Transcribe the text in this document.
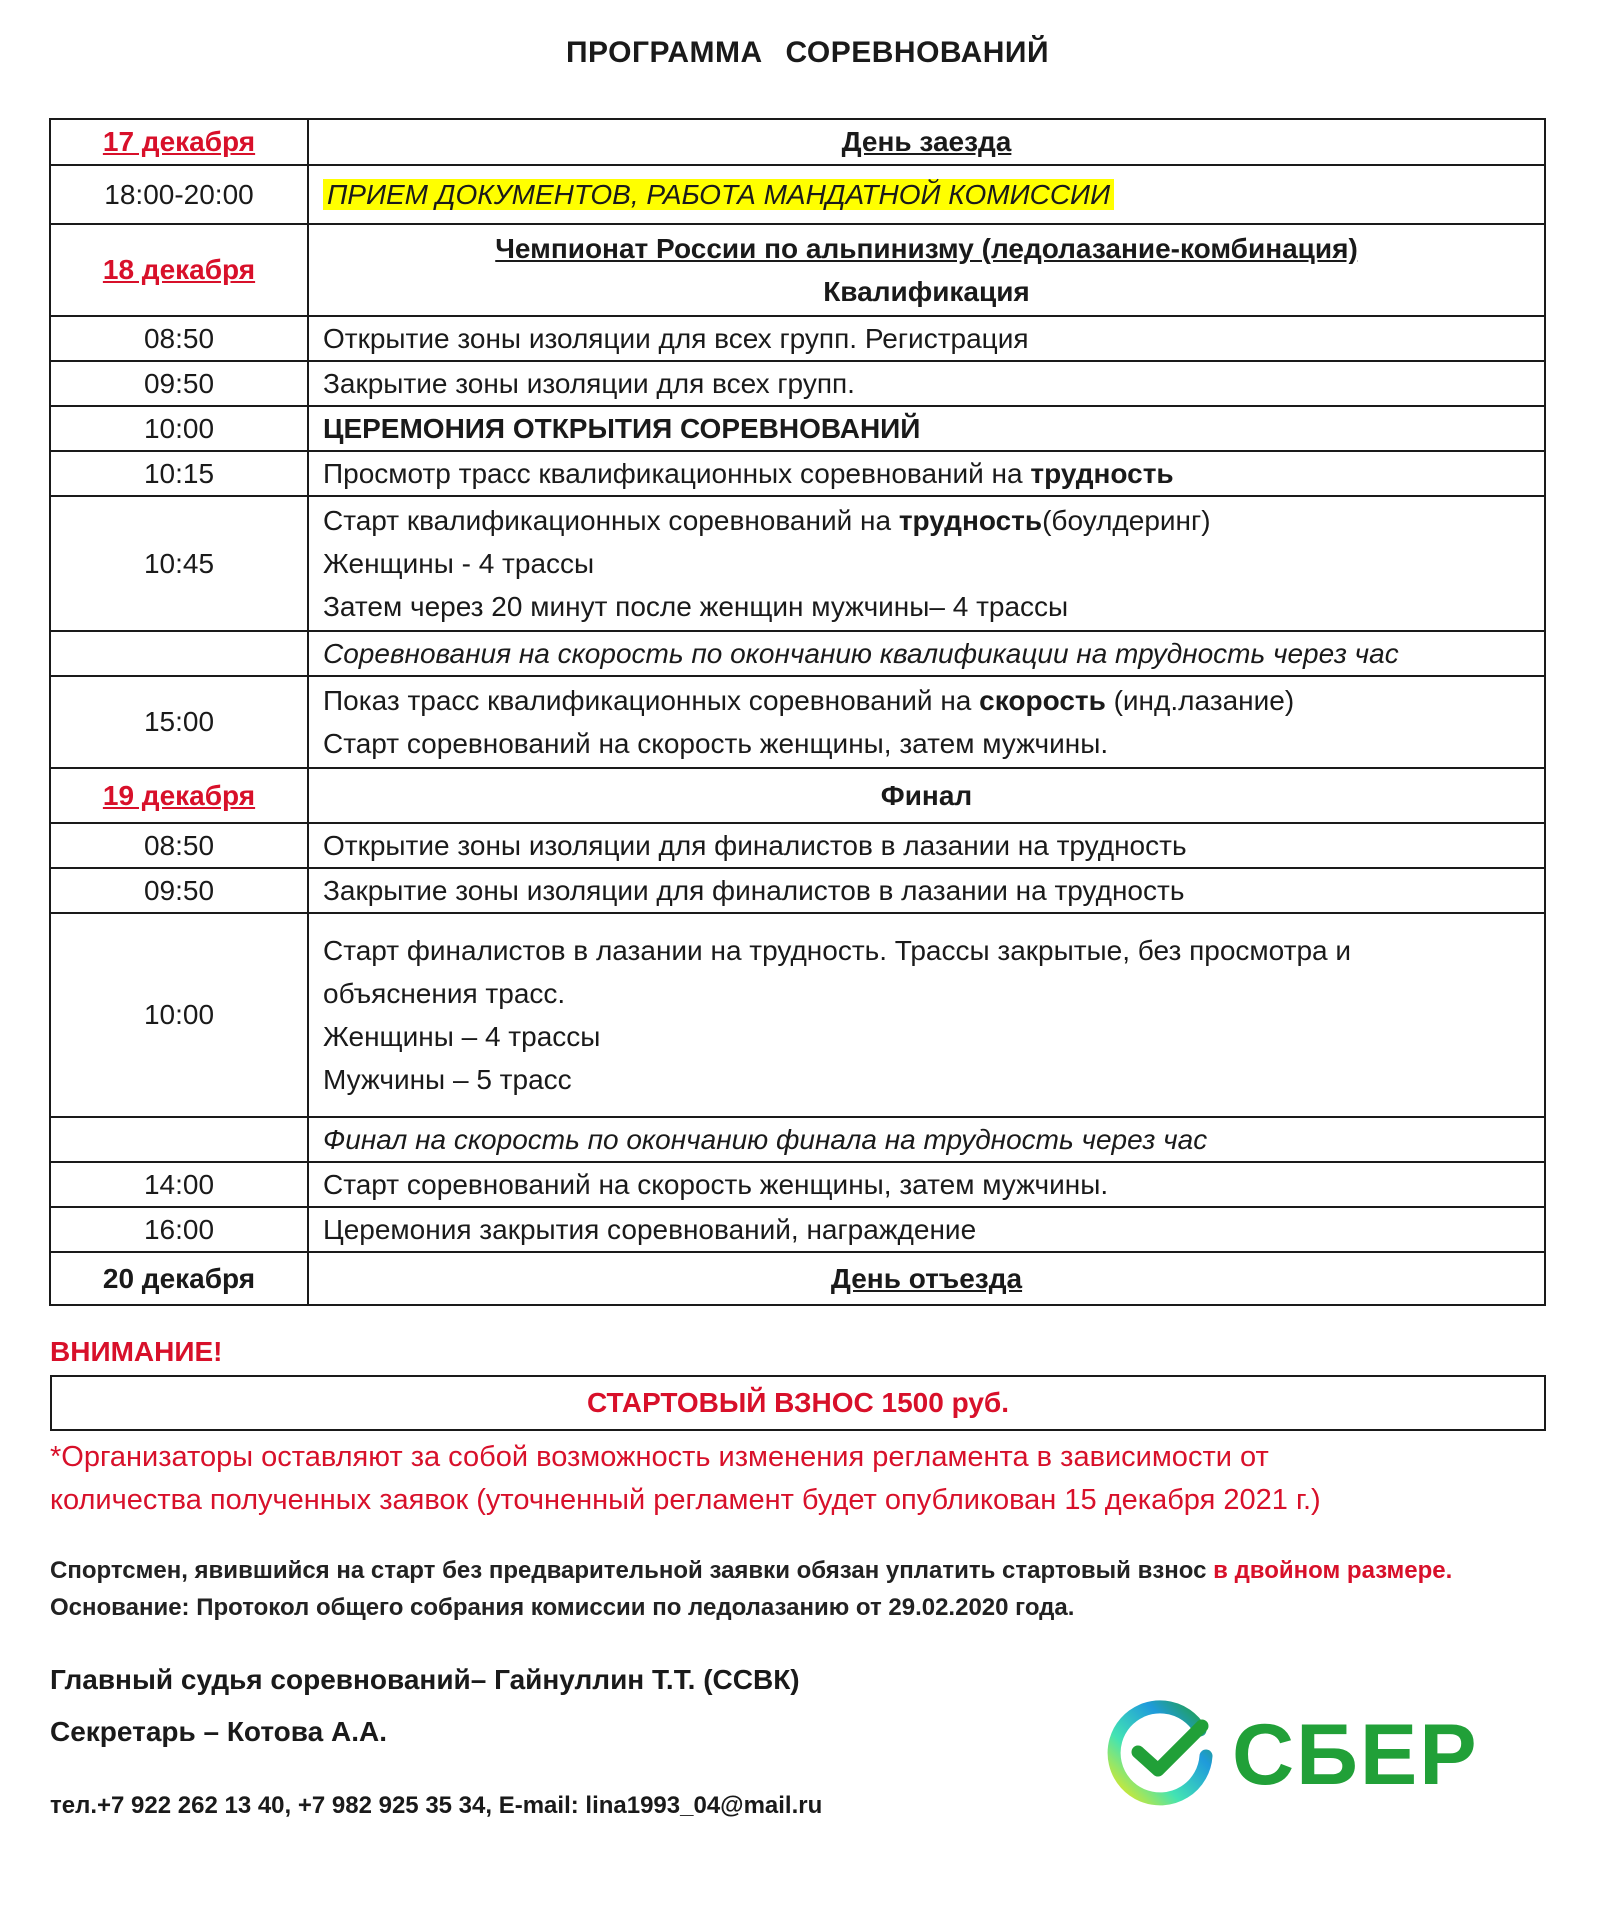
ПРОГРАММА СОРЕВНОВАНИЙ
17 декабря	День заезда
18:00-20:00	ПРИЕМ ДОКУМЕНТОВ, РАБОТА МАНДАТНОЙ КОМИССИИ
18 декабря	Чемпионат России по альпинизму (ледолазание-комбинация)
Квалификация

08:50	Открытие зоны изоляции для всех групп. Регистрация
09:50	Закрытие зоны изоляции для всех групп.
10:00	ЦЕРЕМОНИЯ ОТКРЫТИЯ СОРЕВНОВАНИЙ
10:15	Просмотр трасс квалификационных соревнований на трудность
10:45	Старт квалификационных соревнований на трудность(боулдеринг)
Женщины - 4 трассы
Затем через 20 минут после женщин мужчины– 4 трассы

	Соревнования на скорость по окончанию квалификации на трудность через час
15:00	Показ трасс квалификационных соревнований на скорость (инд.лазание)
Старт соревнований на скорость женщины, затем мужчины.

19 декабря	Финал
08:50	Открытие зоны изоляции для финалистов в лазании на трудность
09:50	Закрытие зоны изоляции для финалистов в лазании на трудность
10:00	Старт финалистов в лазании на трудность. Трассы закрытые, без просмотра и
объяснения трасс.
Женщины – 4 трассы
Мужчины – 5 трасс

	Финал на скорость по окончанию финала на трудность через час
14:00	Старт соревнований на скорость женщины, затем мужчины.
16:00	Церемония закрытия соревнований, награждение
20 декабря	День отъезда
ВНИМАНИЕ!
СТАРТОВЫЙ ВЗНОС 1500 руб.
*Организаторы оставляют за собой возможность изменения регламента в зависимости от
количества полученных заявок (уточненный регламент будет опубликован 15 декабря 2021 г.)
Спортсмен, явившийся на старт без предварительной заявки обязан уплатить стартовый взнос в двойном размере.
Основание: Протокол общего собрания комиссии по ледолазанию от 29.02.2020 года.
Главный судья соревнований– Гайнуллин Т.Т. (ССВК)
Секретарь – Котова А.А.
тел.+7 922 262 13 40, +7 982 925 35 34, E-mail: lina1993_04@mail.ru
СБЕР
